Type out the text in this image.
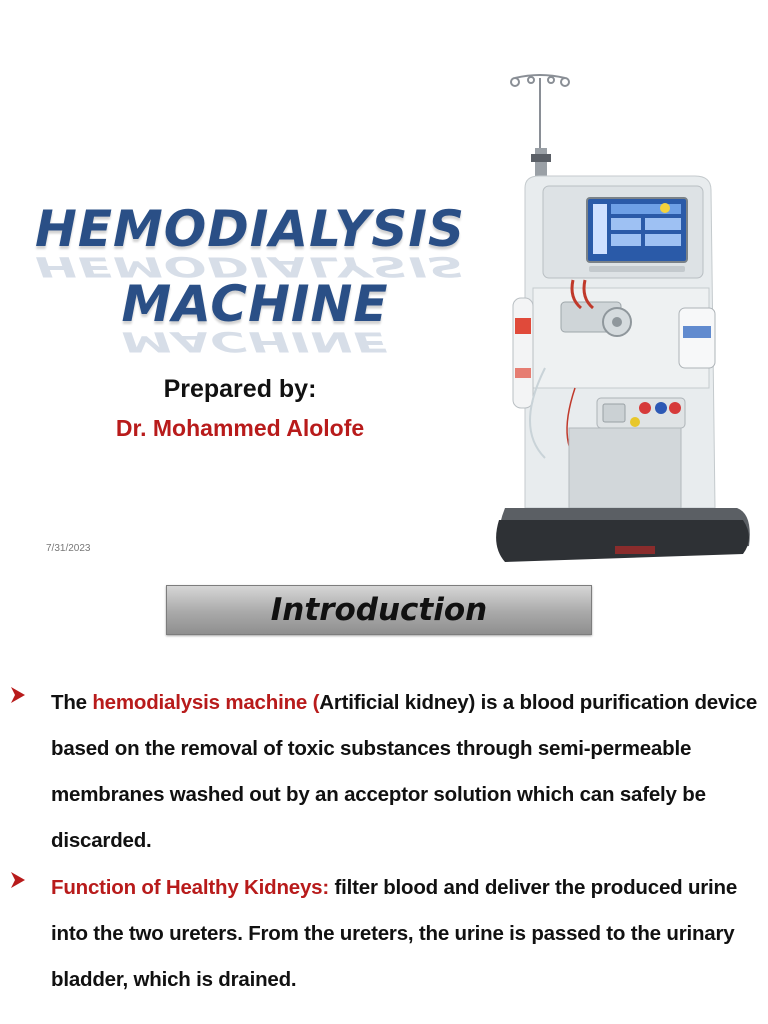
HEMODIALYSIS
HEMODIALYSIS
MACHINE
MACHINE
Prepared by:
Dr. Mohammed Alolofe
7/31/2023
Introduction
The hemodialysis machine (Artificial kidney) is a blood purification device based on the removal of toxic substances through semi-permeable membranes washed out by an acceptor solution which can safely be discarded.
Function of Healthy Kidneys: filter blood and deliver the produced urine into the two ureters. From the ureters, the urine is passed to the urinary bladder, which is drained.
